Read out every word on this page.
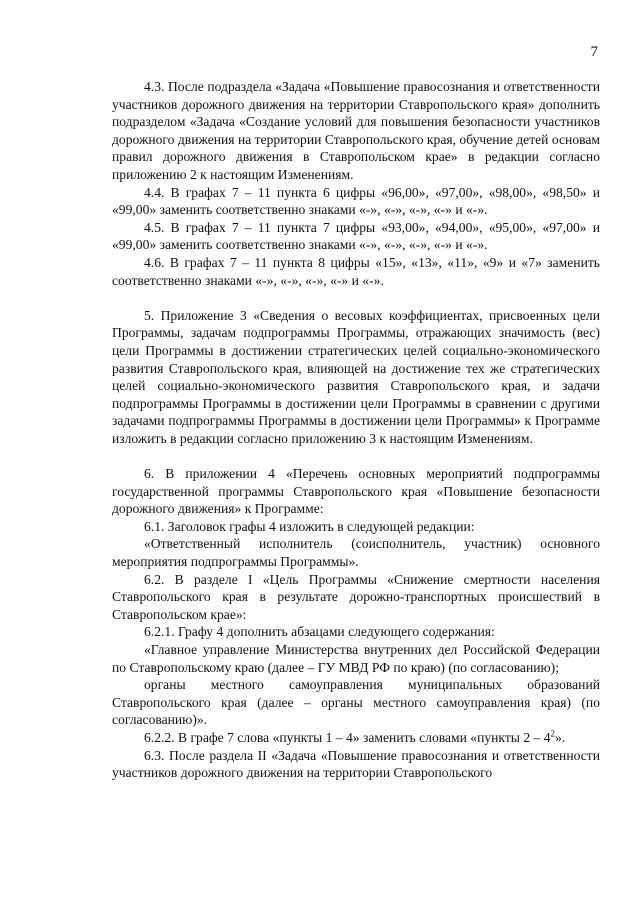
7

4.3. После подраздела «Задача «Повышение правосознания и ответственности участников дорожного движения на территории Ставропольского края» дополнить подразделом «Задача «Создание условий для повышения безопасности участников дорожного движения на территории Ставропольского края, обучение детей основам правил дорожного движения в Ставропольском крае» в редакции согласно приложению 2 к настоящим Изменениям.

4.4. В графах 7 – 11 пункта 6 цифры «96,00», «97,00», «98,00», «98,50» и «99,00» заменить соответственно знаками «-», «-», «-», «-» и «-».

4.5. В графах 7 – 11 пункта 7 цифры «93,00», «94,00», «95,00», «97,00» и «99,00» заменить соответственно знаками «-», «-», «-», «-» и «-».

4.6. В графах 7 – 11 пункта 8 цифры «15», «13», «11», «9» и «7» заменить соответственно знаками «-», «-», «-», «-» и «-».

5. Приложение 3 «Сведения о весовых коэффициентах, присвоенных цели Программы, задачам подпрограммы Программы, отражающих значимость (вес) цели Программы в достижении стратегических целей социально-экономического развития Ставропольского края, влияющей на достижение тех же стратегических целей социально-экономического развития Ставропольского края, и задачи подпрограммы Программы в достижении цели Программы в сравнении с другими задачами подпрограммы Программы в достижении цели Программы» к Программе изложить в редакции согласно приложению 3 к настоящим Изменениям.

6. В приложении 4 «Перечень основных мероприятий подпрограммы государственной программы Ставропольского края «Повышение безопасности дорожного движения» к Программе:

6.1. Заголовок графы 4 изложить в следующей редакции:

«Ответственный исполнитель (соисполнитель, участник) основного мероприятия подпрограммы Программы».

6.2. В разделе I «Цель Программы «Снижение смертности населения Ставропольского края в результате дорожно-транспортных происшествий в Ставропольском крае»:

6.2.1. Графу 4 дополнить абзацами следующего содержания:

«Главное управление Министерства внутренних дел Российской Федерации по Ставропольскому краю (далее – ГУ МВД РФ по краю) (по согласованию);

органы местного самоуправления муниципальных образований Ставропольского края (далее – органы местного самоуправления края) (по согласованию)».

6.2.2. В графе 7 слова «пункты 1 – 4» заменить словами «пункты $2 - 4^2$».

6.3. После раздела II «Задача «Повышение правосознания и ответственности участников дорожного движения на территории Ставропольского
